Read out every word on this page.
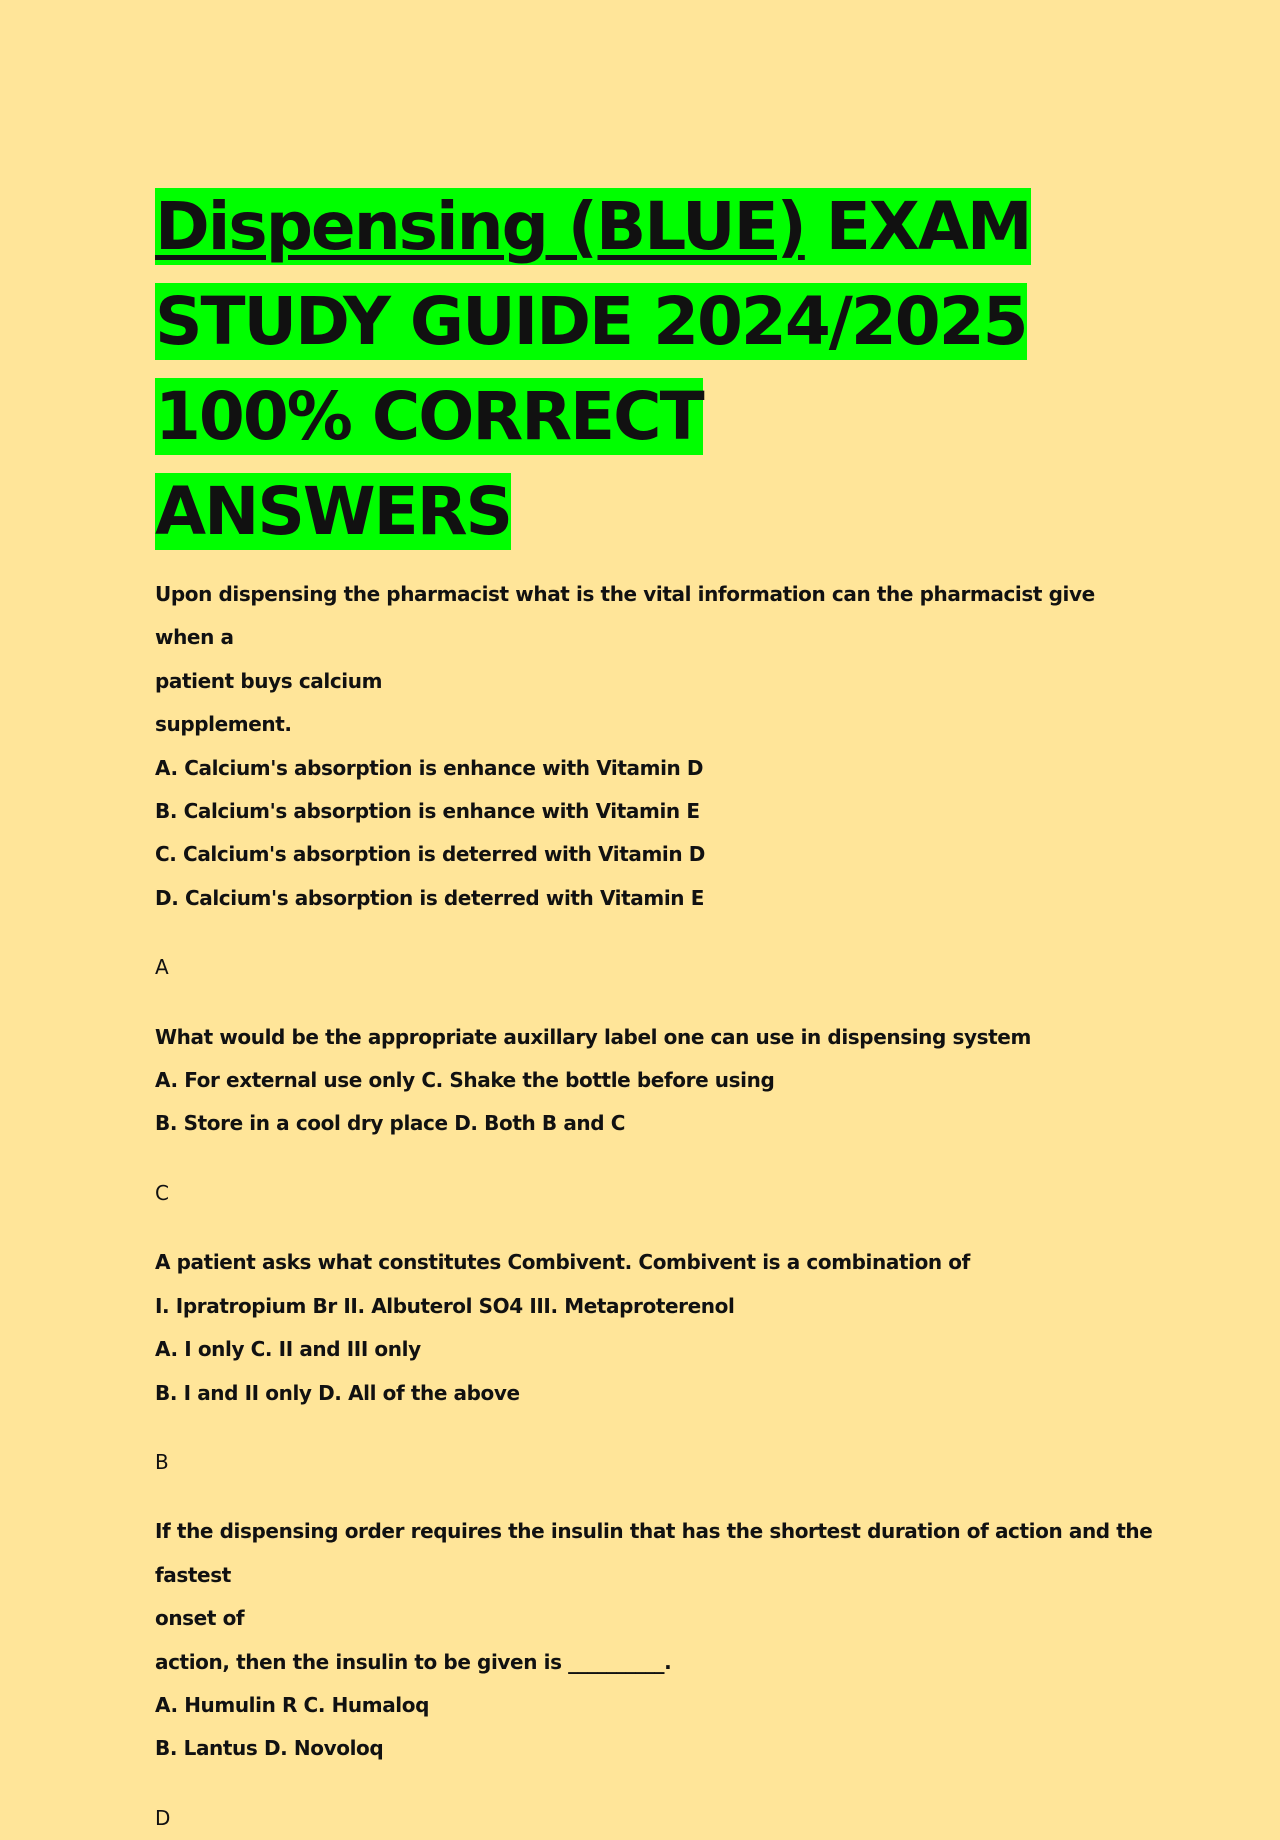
Dispensing (BLUE) EXAM
STUDY GUIDE 2024/2025
100% CORRECT ANSWERS

Upon dispensing the pharmacist what is the vital information can the pharmacist give when a

patient buys calcium

supplement.

A. Calcium's absorption is enhance with Vitamin D

B. Calcium's absorption is enhance with Vitamin E

C. Calcium's absorption is deterred with Vitamin D

D. Calcium's absorption is deterred with Vitamin E

A

What would be the appropriate auxillary label one can use in dispensing system

A. For external use only C. Shake the bottle before using

B. Store in a cool dry place D. Both B and C

C

A patient asks what constitutes Combivent. Combivent is a combination of

I. Ipratropium Br II. Albuterol SO4 III. Metaproterenol

A. I only C. II and III only

B. I and II only D. All of the above

B

If the dispensing order requires the insulin that has the shortest duration of action and the fastest

onset of

action, then the insulin to be given is __________.

A. Humulin R C. Humaloq

B. Lantus D. Novoloq

D
